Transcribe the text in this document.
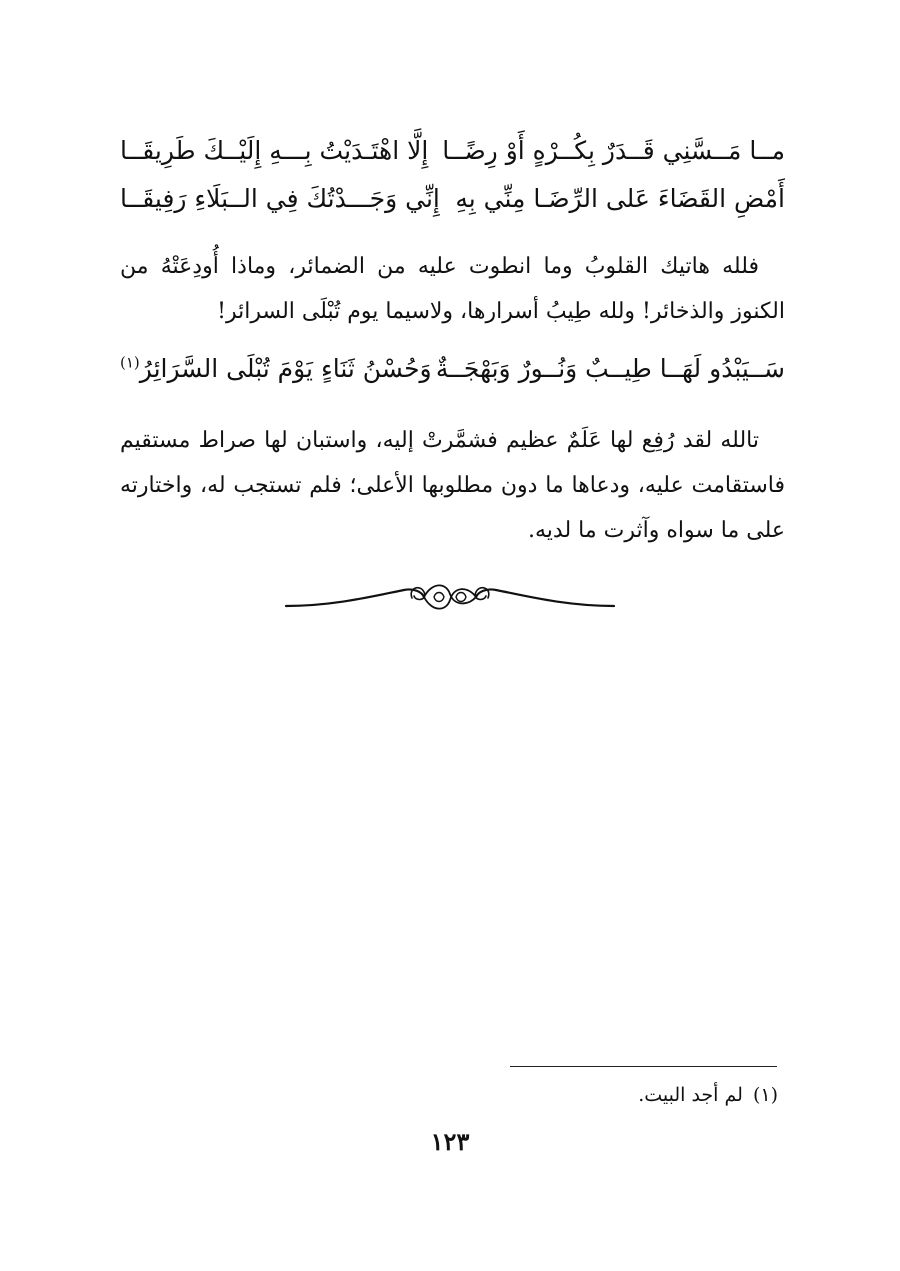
مــا مَــسَّنِي قَــدَرٌ بِكُــرْهٍ أَوْ رِضًــا
إِلَّا اهْتَـدَيْتُ بِـــهِ إِلَيْــكَ طَرِيقَــا
أَمْضِ القَضَاءَ عَلى الرِّضَـا مِنِّي بِهِ
إِنِّي وَجَـــدْتُكَ فِي الــبَلَاءِ رَفِيقَــا
فلله هاتيك القلوبُ وما انطوت عليه من الضمائر، وماذا أُودِعَتْهُ من الكنوز والذخائر! ولله طِيبُ أسرارها، ولاسيما يوم تُبْلَى السرائر!
سَــيَبْدُو لَهَــا طِيــبٌ وَنُــورٌ وَبَهْجَــةٌ
وَحُسْنُ ثَنَاءٍ يَوْمَ تُبْلَى السَّرَائِرُ$^{(١)}$
تالله لقد رُفِع لها عَلَمٌ عظيم فشمَّرتْ إليه، واستبان لها صراط مستقيم فاستقامت عليه، ودعاها ما دون مطلوبها الأعلى؛ فلم تستجب له، واختارته على ما سواه وآثرت ما لديه.
(١)لم أجد البيت.
١٢٣
